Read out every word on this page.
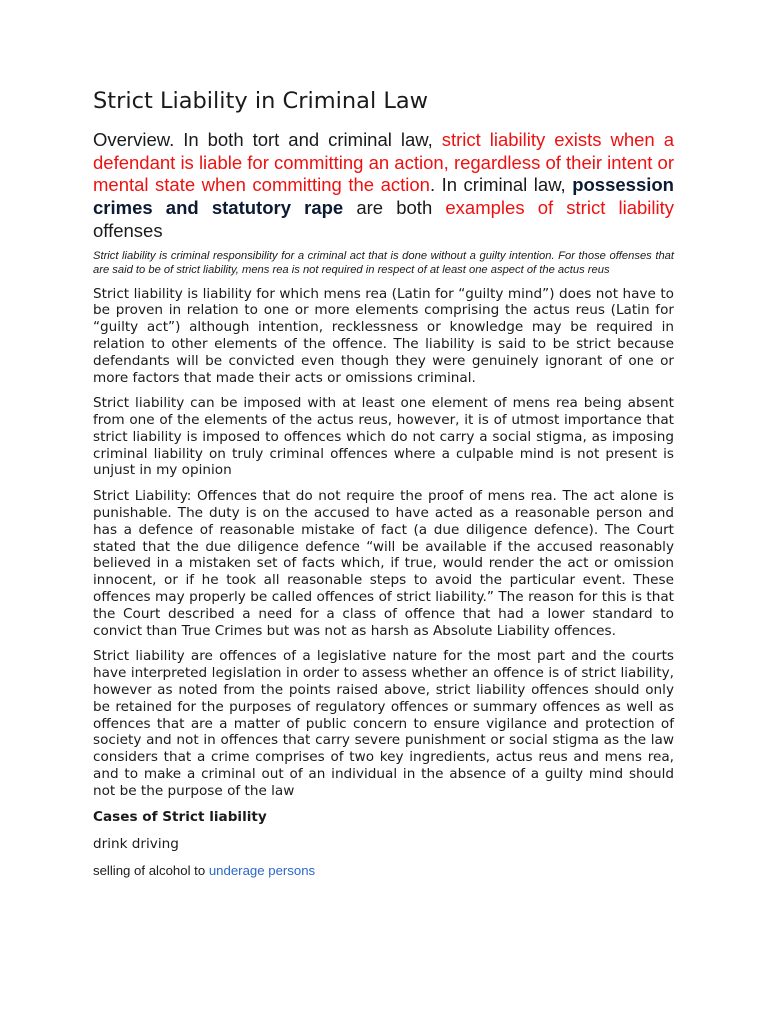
Strict Liability in Criminal Law

Overview. In both tort and criminal law, strict liability exists when a defendant is liable for committing an action, regardless of their intent or mental state when committing the action. In criminal law, possession crimes and statutory rape are both examples of strict liability offenses

Strict liability is criminal responsibility for a criminal act that is done without a guilty intention. For those offenses that are said to be of strict liability, mens rea is not required in respect of at least one aspect of the actus reus

Strict liability is liability for which mens rea (Latin for “guilty mind”) does not have to be proven in relation to one or more elements comprising the actus reus (Latin for “guilty act”) although intention, recklessness or knowledge may be required in relation to other elements of the offence. The liability is said to be strict because defendants will be convicted even though they were genuinely ignorant of one or more factors that made their acts or omissions criminal.

Strict liability can be imposed with at least one element of mens rea being absent from one of the elements of the actus reus, however, it is of utmost importance that strict liability is imposed to offences which do not carry a social stigma, as imposing criminal liability on truly criminal offences where a culpable mind is not present is unjust in my opinion

Strict Liability: Offences that do not require the proof of mens rea. The act alone is punishable. The duty is on the accused to have acted as a reasonable person and has a defence of reasonable mistake of fact (a due diligence defence). The Court stated that the due diligence defence “will be available if the accused reasonably believed in a mistaken set of facts which, if true, would render the act or omission innocent, or if he took all reasonable steps to avoid the particular event. These offences may properly be called offences of strict liability.” The reason for this is that the Court described a need for a class of offence that had a lower standard to convict than True Crimes but was not as harsh as Absolute Liability offences.

Strict liability are offences of a legislative nature for the most part and the courts have interpreted legislation in order to assess whether an offence is of strict liability, however as noted from the points raised above, strict liability offences should only be retained for the purposes of regulatory offences or summary offences as well as offences that are a matter of public concern to ensure vigilance and protection of society and not in offences that carry severe punishment or social stigma as the law considers that a crime comprises of two key ingredients, actus reus and mens rea, and to make a criminal out of an individual in the absence of a guilty mind should not be the purpose of the law

Cases of Strict liability

drink driving

selling of alcohol to underage persons
